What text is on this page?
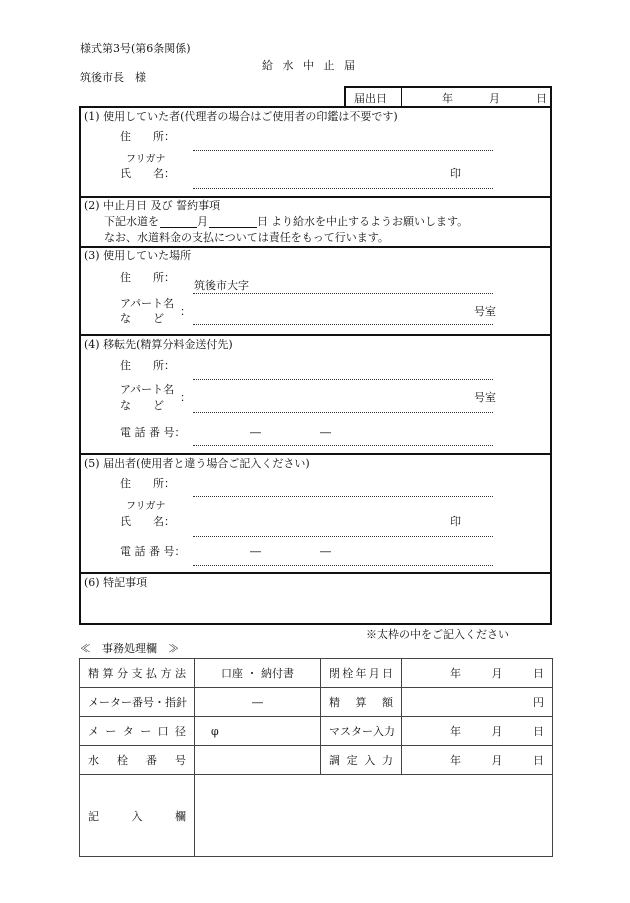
様式第3号(第6条関係)
給 水 中 止 届
筑後市長　様
届出日	年	月	日
(1) 使用していた者(代理者の場合はご使用者の印鑑は不要です)
住　　所：
フリガナ
氏　　名：	印
(2) 中止月日 及び 誓約事項
下記水道を	月	日 より給水を中止するようお願いします。
なお、水道料金の支払については責任をもって行います。
(3) 使用していた場所
住　　所：
筑後市大字
アパート名
：
な　　ど
号室
(4) 移転先(精算分料金送付先)
住　　所：
アパート名
：
な　　ど
号室
電 話 番 号：	―	―
(5) 届出者(使用者と違う場合ご記入ください)
住　　所：
フリガナ
氏　　名：	印
電 話 番 号：	―	―
(6) 特記事項
※太枠の中をご記入ください
≪　事務処理欄　≫
精算分支払方法	口座 ・ 納付書	閉栓年月日	年 月 日

メーター番号・指針	―	精　算　額	円
メーター口径	φ	マスター入力	年 月 日

水栓番号		調定入力	年 月 日

記入欄			
